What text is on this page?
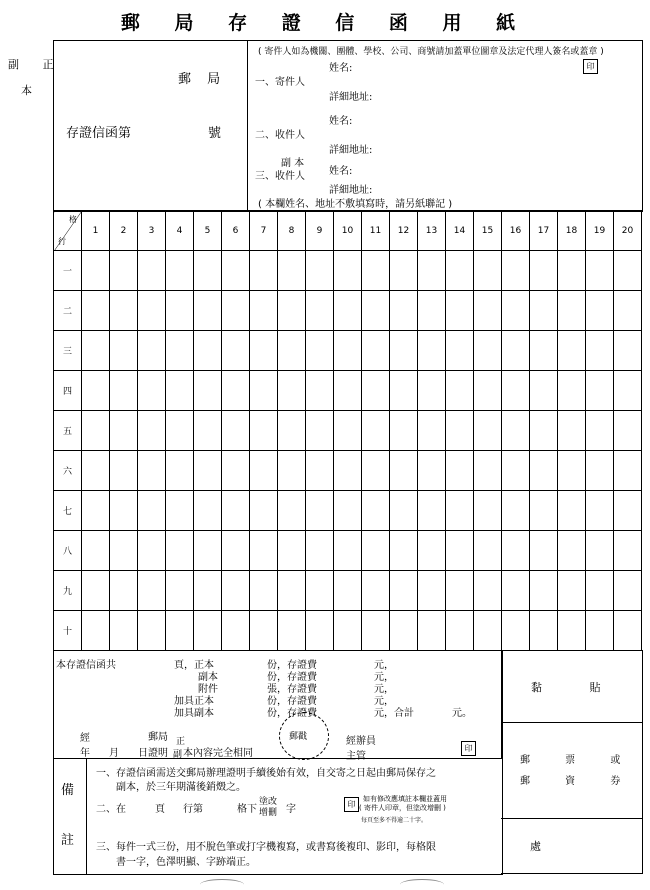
郵 局 存 證 信 函 用 紙
副 正
本
郵 局
存證信函第	號
( 寄件人如為機關、團體、學校、公司、商號請加蓋單位圖章及法定代理人簽名或蓋章 )
印
姓名:
一、寄件人
詳細地址:
姓名:
二、收件人
詳細地址:
副 本
三、收件人 姓名:
詳細地址:
( 本欄姓名、地址不敷填寫時，請另紙聯記 )
格
行	1	2	3	4	5	6	7	8	9	10	11	12	13	14	15	16	17	18	19	20
一																				
二																				
三																				
四																				
五																				
六																				
七																				
八																				
九																				
十																				
本存證信函共	頁，正本	份，存證費	元，
副本	份，存證費	元，
附件	張，存證費	元，
加具正本	份，存證費	元，
加具副本	份，存證費	元，合計	元。
黏 貼
經	郵局 正
年 月 日證明 副 本內容完全相同
郵戳	經辦員
主管
印
郵 票 或
郵 資 券
備
註
一、存證信函需送交郵局辦理證明手續後始有效，自交寄之日起由郵局保存之
副本，於三年期滿後銷燬之。
二、在	頁 行第	格下
塗改
增刪 字	印
如有修改應填註本欄並蓋用
( 寄件人印章，但塗改增刪 )
每頁至多不得逾二十字。
三、每件一式三份，用不脫色筆或打字機複寫，或書寫後複印、影印，每格限
書一字，色澤明顯、字跡端正。
處
